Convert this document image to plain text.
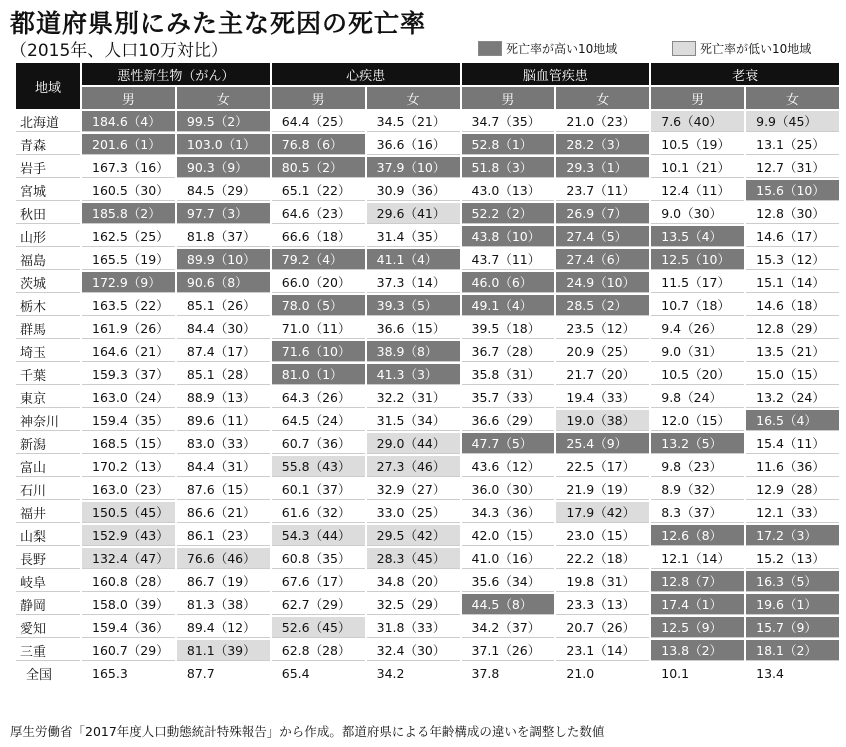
都道府県別にみた主な死因の死亡率
（2015年、人口10万対比）	死亡率が高い10地域	死亡率が低い10地域
地域	悪性新生物（がん）		心疾患		脳血管疾患		老衰	
	男	女	男	女	男	女	男	女
北海道	184.6（4）	99.5（2）	64.4（25）	34.5（21）	34.7（35）	21.0（23）	7.6（40）	9.9（45）
青森	201.6（1）	103.0（1）	76.8（6）	36.6（16）	52.8（1）	28.2（3）	10.5（19）	13.1（25）
岩手	167.3（16）	90.3（9）	80.5（2）	37.9（10）	51.8（3）	29.3（1）	10.1（21）	12.7（31）
宮城	160.5（30）	84.5（29）	65.1（22）	30.9（36）	43.0（13）	23.7（11）	12.4（11）	15.6（10）
秋田	185.8（2）	97.7（3）	64.6（23）	29.6（41）	52.2（2）	26.9（7）	9.0（30）	12.8（30）
山形	162.5（25）	81.8（37）	66.6（18）	31.4（35）	43.8（10）	27.4（5）	13.5（4）	14.6（17）
福島	165.5（19）	89.9（10）	79.2（4）	41.1（4）	43.7（11）	27.4（6）	12.5（10）	15.3（12）
茨城	172.9（9）	90.6（8）	66.0（20）	37.3（14）	46.0（6）	24.9（10）	11.5（17）	15.1（14）
栃木	163.5（22）	85.1（26）	78.0（5）	39.3（5）	49.1（4）	28.5（2）	10.7（18）	14.6（18）
群馬	161.9（26）	84.4（30）	71.0（11）	36.6（15）	39.5（18）	23.5（12）	9.4（26）	12.8（29）
埼玉	164.6（21）	87.4（17）	71.6（10）	38.9（8）	36.7（28）	20.9（25）	9.0（31）	13.5（21）
千葉	159.3（37）	85.1（28）	81.0（1）	41.3（3）	35.8（31）	21.7（20）	10.5（20）	15.0（15）
東京	163.0（24）	88.9（13）	64.3（26）	32.2（31）	35.7（33）	19.4（33）	9.8（24）	13.2（24）
神奈川	159.4（35）	89.6（11）	64.5（24）	31.5（34）	36.6（29）	19.0（38）	12.0（15）	16.5（4）
新潟	168.5（15）	83.0（33）	60.7（36）	29.0（44）	47.7（5）	25.4（9）	13.2（5）	15.4（11）
富山	170.2（13）	84.4（31）	55.8（43）	27.3（46）	43.6（12）	22.5（17）	9.8（23）	11.6（36）
石川	163.0（23）	87.6（15）	60.1（37）	32.9（27）	36.0（30）	21.9（19）	8.9（32）	12.9（28）
福井	150.5（45）	86.6（21）	61.6（32）	33.0（25）	34.3（36）	17.9（42）	8.3（37）	12.1（33）
山梨	152.9（43）	86.1（23）	54.3（44）	29.5（42）	42.0（15）	23.0（15）	12.6（8）	17.2（3）
長野	132.4（47）	76.6（46）	60.8（35）	28.3（45）	41.0（16）	22.2（18）	12.1（14）	15.2（13）
岐阜	160.8（28）	86.7（19）	67.6（17）	34.8（20）	35.6（34）	19.8（31）	12.8（7）	16.3（5）
静岡	158.0（39）	81.3（38）	62.7（29）	32.5（29）	44.5（8）	23.3（13）	17.4（1）	19.6（1）
愛知	159.4（36）	89.4（12）	52.6（45）	31.8（33）	34.2（37）	20.7（26）	12.5（9）	15.7（9）
三重	160.7（29）	81.1（39）	62.8（28）	32.4（30）	37.1（26）	23.1（14）	13.8（2）	18.1（2）
全国	165.3	87.7	65.4	34.2	37.8	21.0	10.1	13.4
厚生労働省「2017年度人口動態統計特殊報告」から作成。都道府県による年齢構成の違いを調整した数値
